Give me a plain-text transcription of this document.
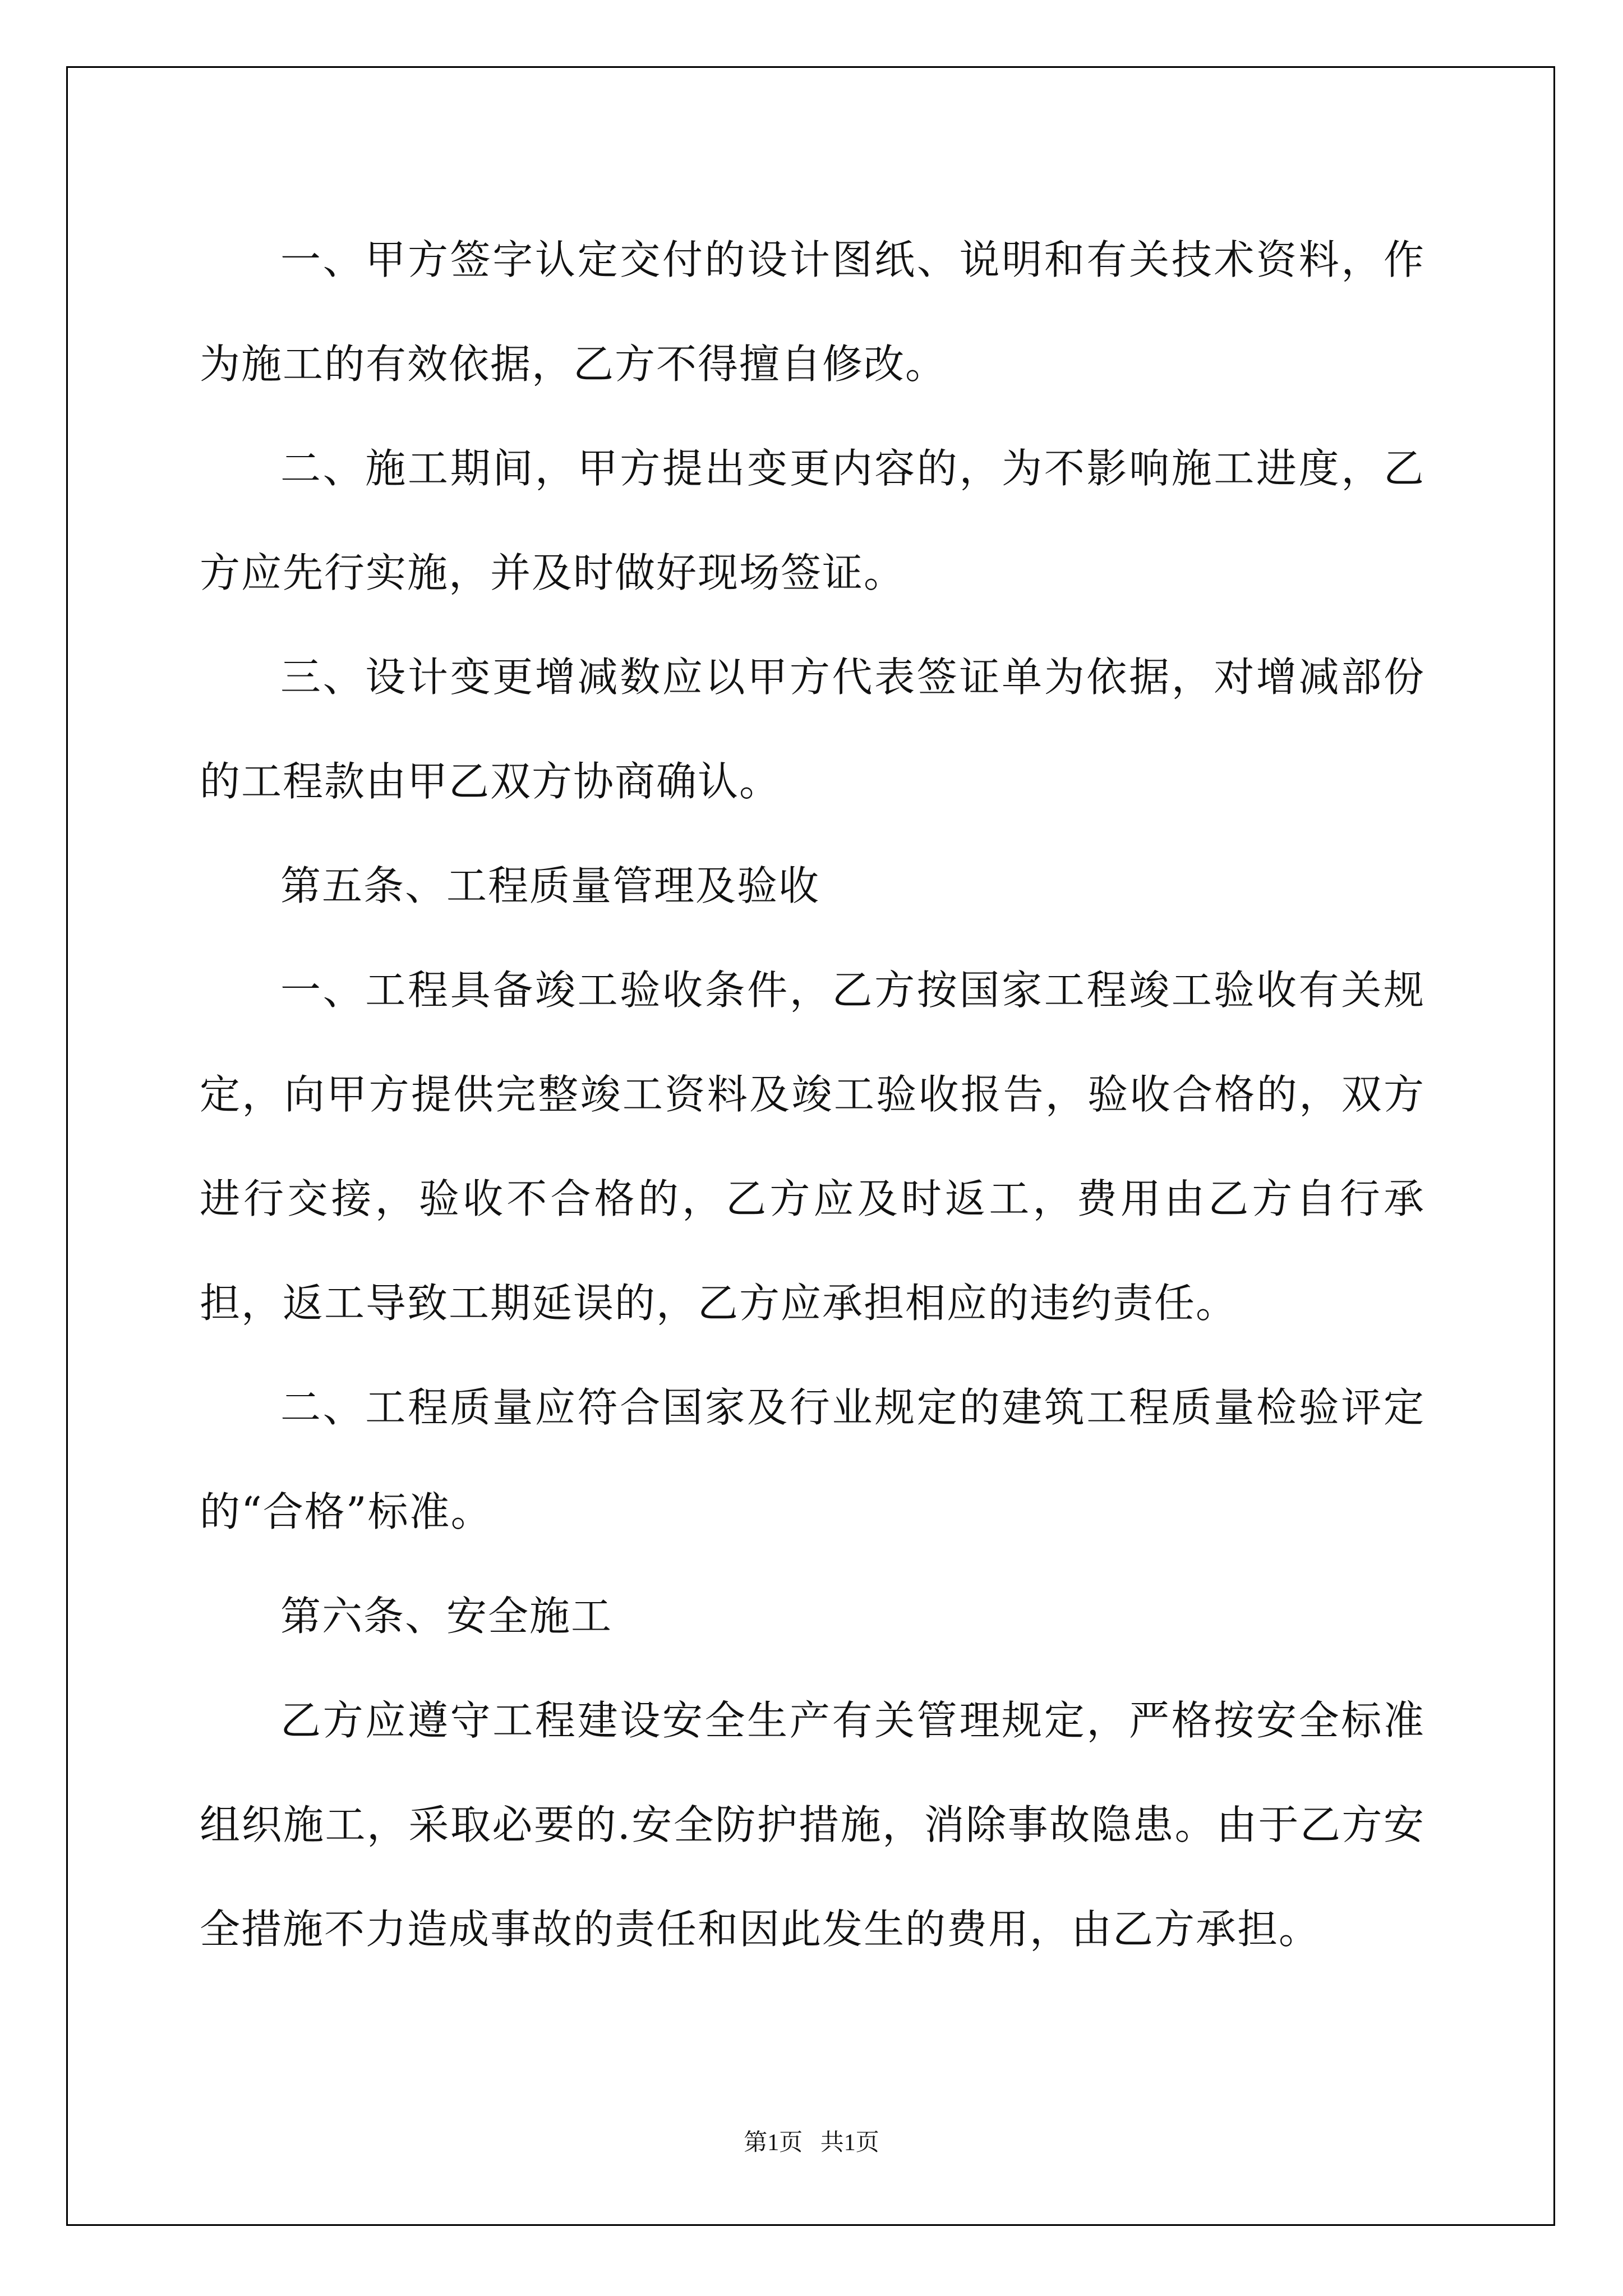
一、甲方签字认定交付的设计图纸、说明和有关技术资料，作为施工的有效依据，乙方不得擅自修改。

二、施工期间，甲方提出变更内容的，为不影响施工进度，乙方应先行实施，并及时做好现场签证。

三、设计变更增减数应以甲方代表签证单为依据，对增减部份的工程款由甲乙双方协商确认。

第五条、工程质量管理及验收

一、工程具备竣工验收条件，乙方按国家工程竣工验收有关规定，向甲方提供完整竣工资料及竣工验收报告，验收合格的，双方进行交接，验收不合格的，乙方应及时返工，费用由乙方自行承担，返工导致工期延误的，乙方应承担相应的违约责任。

二、工程质量应符合国家及行业规定的建筑工程质量检验评定的“合格”标准。

第六条、安全施工

乙方应遵守工程建设安全生产有关管理规定，严格按安全标准组织施工，采取必要的.安全防护措施，消除事故隐患。由于乙方安全措施不力造成事故的责任和因此发生的费用，由乙方承担。

第1页   共1页
